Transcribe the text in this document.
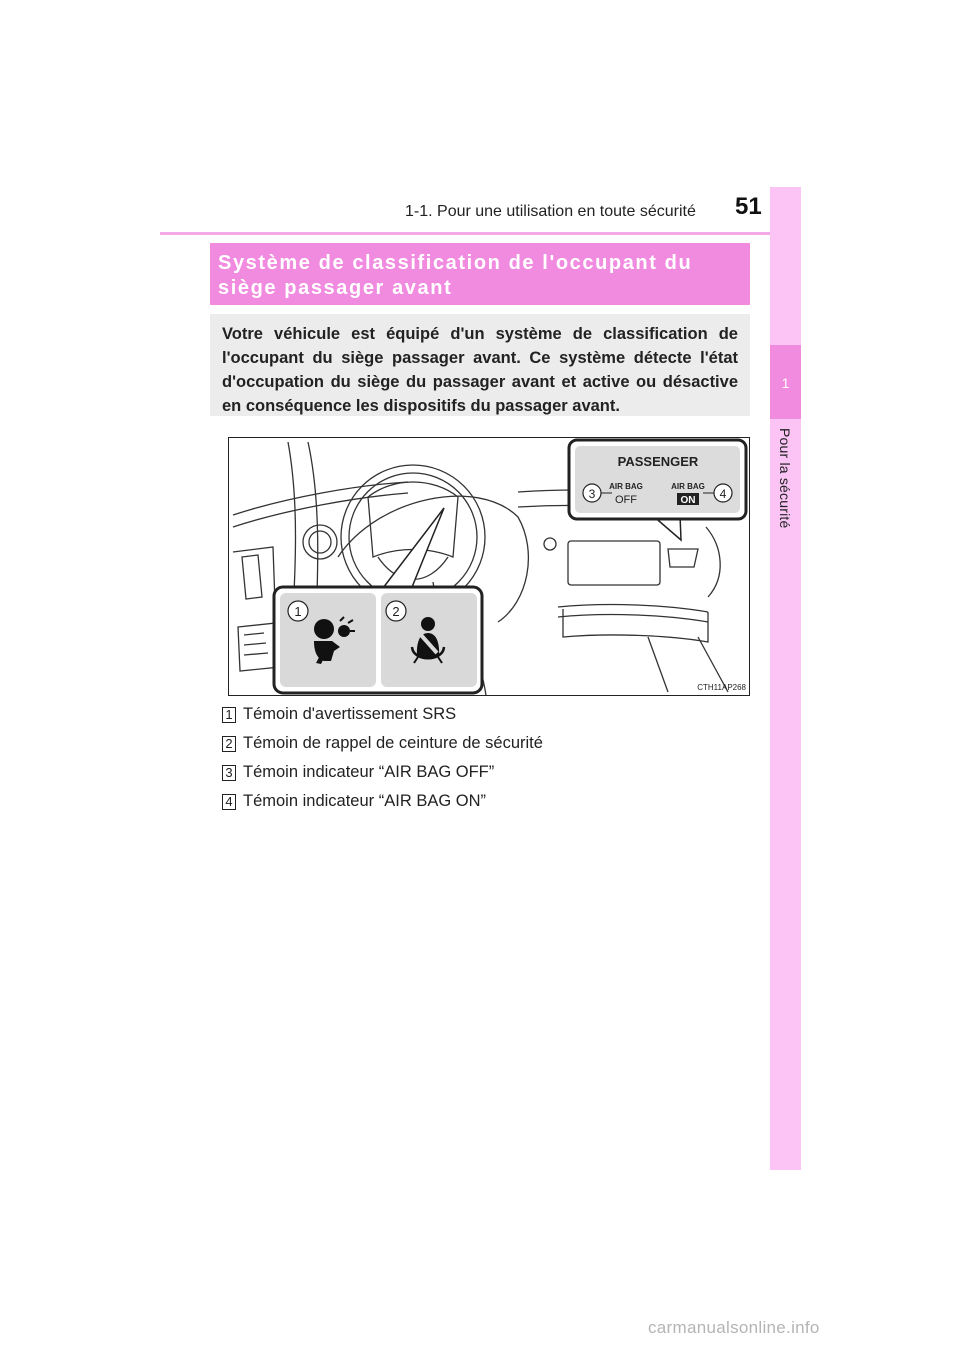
1-1. Pour une utilisation en toute sécurité 51
1
Pour la sécurité
Système de classification de l'occupant du
siège passager avant
Votre véhicule est équipé d'un système de classification de l'occupant du siège passager avant. Ce système détecte l'état d'occupation du siège du passager avant et active ou désactive en conséquence les dispositifs du passager avant.
1	2
PASSENGER
AIR BAG
OFF
AIR BAG
ON
3	4
CTH11AP268
1 Témoin d'avertissement SRS
2 Témoin de rappel de ceinture de sécurité
3 Témoin indicateur “AIR BAG OFF”
4 Témoin indicateur “AIR BAG ON”
carmanualsonline.info
